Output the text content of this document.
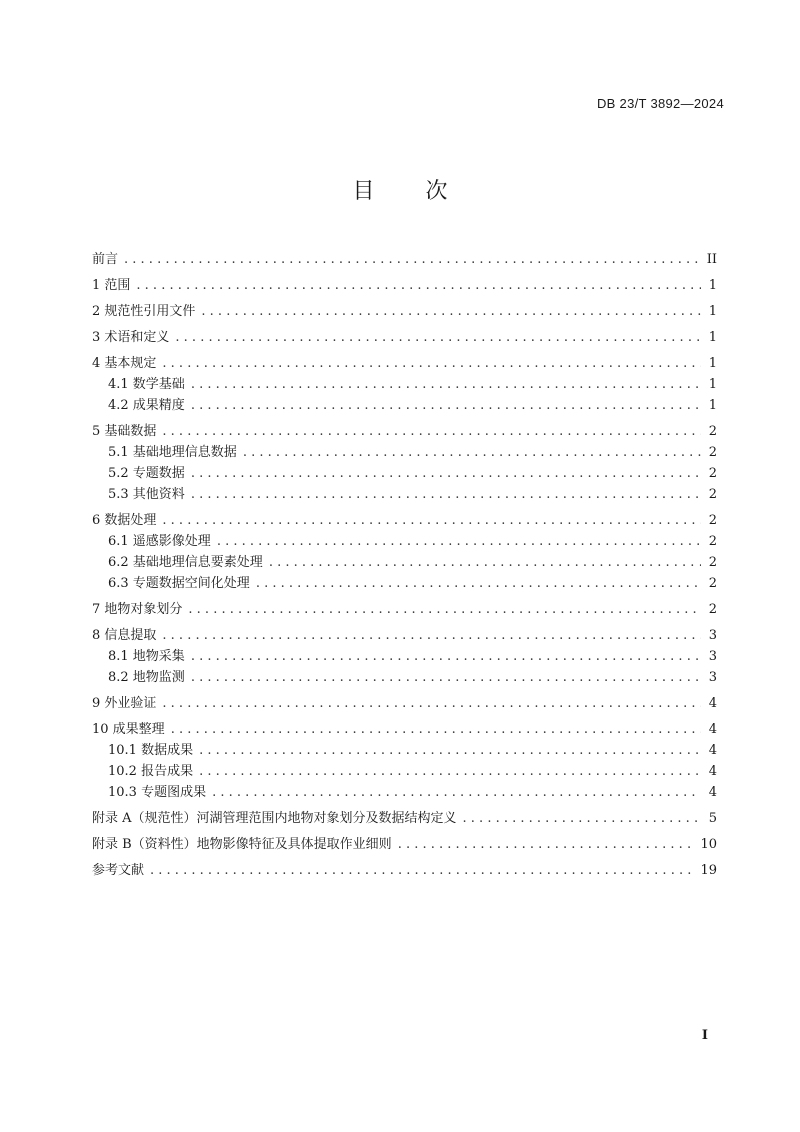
DB 23/T 3892—2024
目 次
前言 . . .	II
1 范围 . . .	1
2 规范性引用文件 . . .	1
3 术语和定义 . . .	1
4 基本规定 . . .	1
4.1 数学基础 . . .	1
4.2 成果精度 . . .	1
5 基础数据 . . .	2
5.1 基础地理信息数据 . . .	2
5.2 专题数据 . . .	2
5.3 其他资料 . . .	2
6 数据处理 . . .	2
6.1 遥感影像处理 . . .	2
6.2 基础地理信息要素处理 . . .	2
6.3 专题数据空间化处理 . . .	2
7 地物对象划分 . . .	2
8 信息提取 . . .	3
8.1 地物采集 . . .	3
8.2 地物监测 . . .	3
9 外业验证 . . .	4
10 成果整理 . . .	4
10.1 数据成果 . . .	4
10.2 报告成果 . . .	4
10.3 专题图成果 . . .	4
附录 A（规范性）河湖管理范围内地物对象划分及数据结构定义 . . .	5
附录 B（资料性）地物影像特征及具体提取作业细则 . . .	10
参考文献 . . .	19
I
